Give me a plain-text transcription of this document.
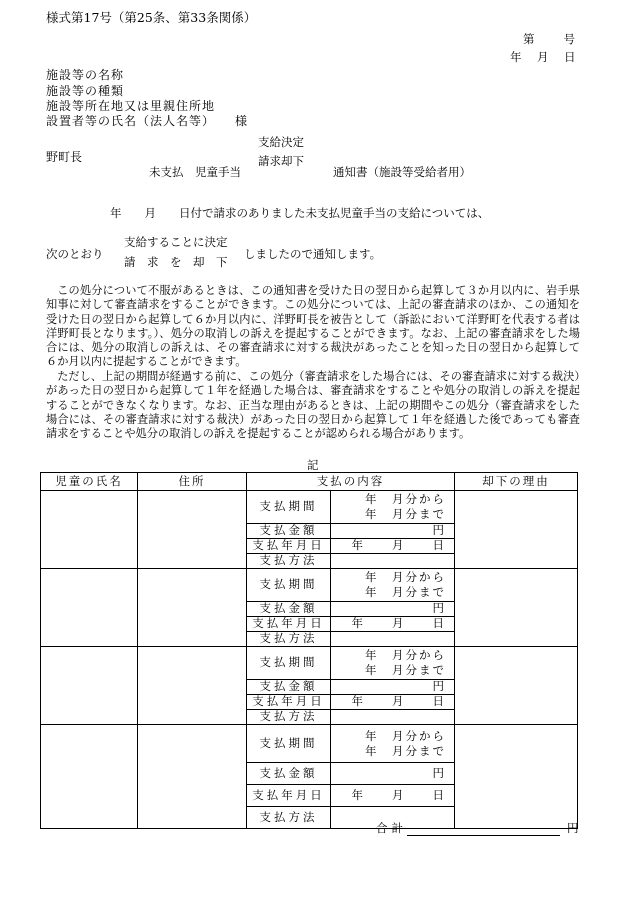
様式第17号（第25条、第33条関係）
第　　号
年　月　日
施設等の名称
施設等の種類
施設等所在地又は里親住所地
設置者等の氏名（法人名等）　　様
野町長
支給決定
請求却下
未支払　児童手当	通知書（施設等受給者用）
年　　月　　日付で請求のありました未支払児童手当の支給については、
次のとおり
支給することに決定
請　求　を　却　下
しましたので通知します。

この処分について不服があるときは、この通知書を受けた日の翌日から起算して３か月以内に、岩手県知事に対して審査請求をすることができます。この処分については、上記の審査請求のほか、この通知を受けた日の翌日から起算して６か月以内に、洋野町長を被告として（訴訟において洋野町を代表する者は洋野町長となります。）、処分の取消しの訴えを提起することができます。なお、上記の審査請求をした場合には、処分の取消しの訴えは、その審査請求に対する裁決があったことを知った日の翌日から起算して６か月以内に提起することができます。

ただし、上記の期間が経過する前に、この処分（審査請求をした場合には、その審査請求に対する裁決）があった日の翌日から起算して１年を経過した場合は、審査請求をすることや処分の取消しの訴えを提起することができなくなります。なお、正当な理由があるときは、上記の期間やこの処分（審査請求をした場合には、その審査請求に対する裁決）があった日の翌日から起算して１年を経過した後であっても審査請求をすることや処分の取消しの訴えを提起することが認められる場合があります。

記
児童の氏名	住所	支払の内容		却下の理由
		支払期間	年　月分から
年　月分まで	
		支払金額	円	
		支払年月日	年　　月　　日	
		支払方法		
		支払期間	年　月分から
年　月分まで	
		支払金額	円	
		支払年月日	年　　月　　日	
		支払方法		
		支払期間	年　月分から
年　月分まで	
		支払金額	円	
		支払年月日	年　　月　　日	
		支払方法		
		支払期間	年　月分から
年　月分まで	
		支払金額	円	
		支払年月日	年　　月　　日	
		支払方法		
合計	円
